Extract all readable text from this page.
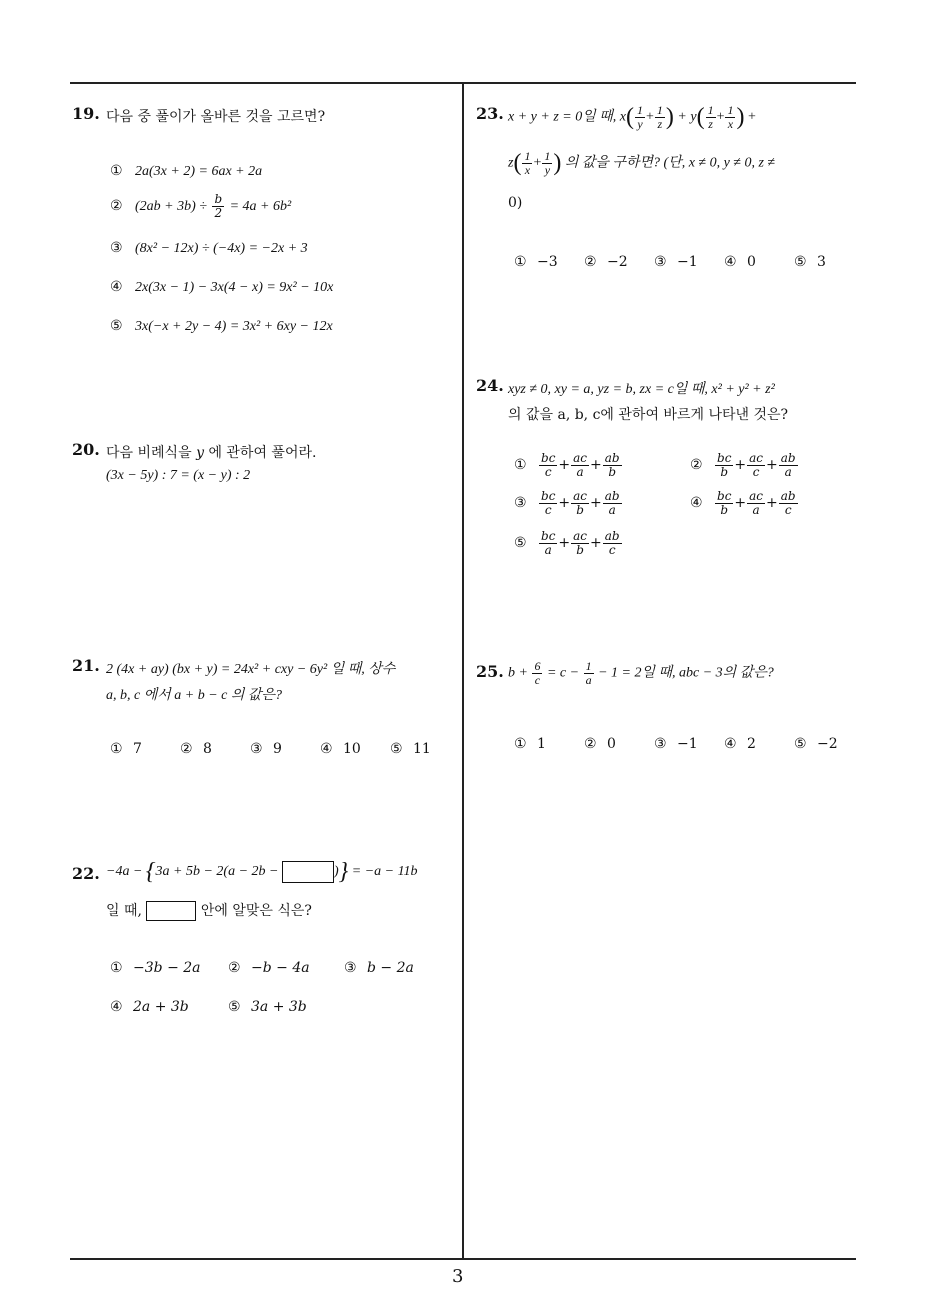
19. 다음 중 풀이가 올바른 것을 고르면?
① 2a(3x + 2) = 6ax + 2a
② $(2ab + 3b) \div \frac{b}{2} = 4a + 6b^2$
③ (8x² − 12x) ÷ (−4x) = −2x + 3
④ 2x(3x − 1) − 3x(4 − x) = 9x² − 10x
⑤ 3x(−x + 2y − 4) = 3x² + 6xy − 12x
20. 다음 비례식을 y 에 관하여 풀어라.
(3x − 5y) : 7 = (x − y) : 2
21. 2 (4x + ay) (bx + y) = 24x² + cxy − 6y² 일 때, 상수
a, b, c 에서 a + b − c 의 값은?
① 7	② 8	③ 9	④ 10 ⑤ 11
22. −4a − {3a + 5b − 2(a − 2b −	)} = −a − 11b
일 때,	안에 알맞은 식은?
① −3b − 2a ② −b − 4a ③ b − 2a
④ 2a + 3b	⑤ 3a + 3b
23. x + y + z = 0일 때, $x( \frac{1}{y} + \frac{1}{z}$ ) + $y( \frac{1}{z} + \frac{1}{x}$ ) +
$z( \frac{1}{x} + \frac{1}{y}$ ) 의 값을 구하면? (단, x ≠ 0, y ≠ 0, z ≠
0)
① −3 ② −2 ③ −1 ④ 0	⑤ 3
24. xyz ≠ 0, xy = a, yz = b, zx = c일 때, x² + y² + z²
의 값을 a, b, c에 관하여 바르게 나타낸 것은?
① $\frac{bc}{c} + \frac{ac}{a} + \frac{ab}{b}$	② $\frac{bc}{b} + \frac{ac}{c} + \frac{ab}{a}$
③ $\frac{bc}{c} + \frac{ac}{b} + \frac{ab}{a}$	④ $\frac{bc}{b} + \frac{ac}{a} + \frac{ab}{c}$
⑤ $\frac{bc}{a} + \frac{ac}{b} + \frac{ab}{c}$
25. $b + \frac{6}{c} = c - \frac{1}{a} - 1 = 2$일 때, abc − 3의 값은?
① 1	② 0	③ −1 ④ 2	⑤ −2
3
